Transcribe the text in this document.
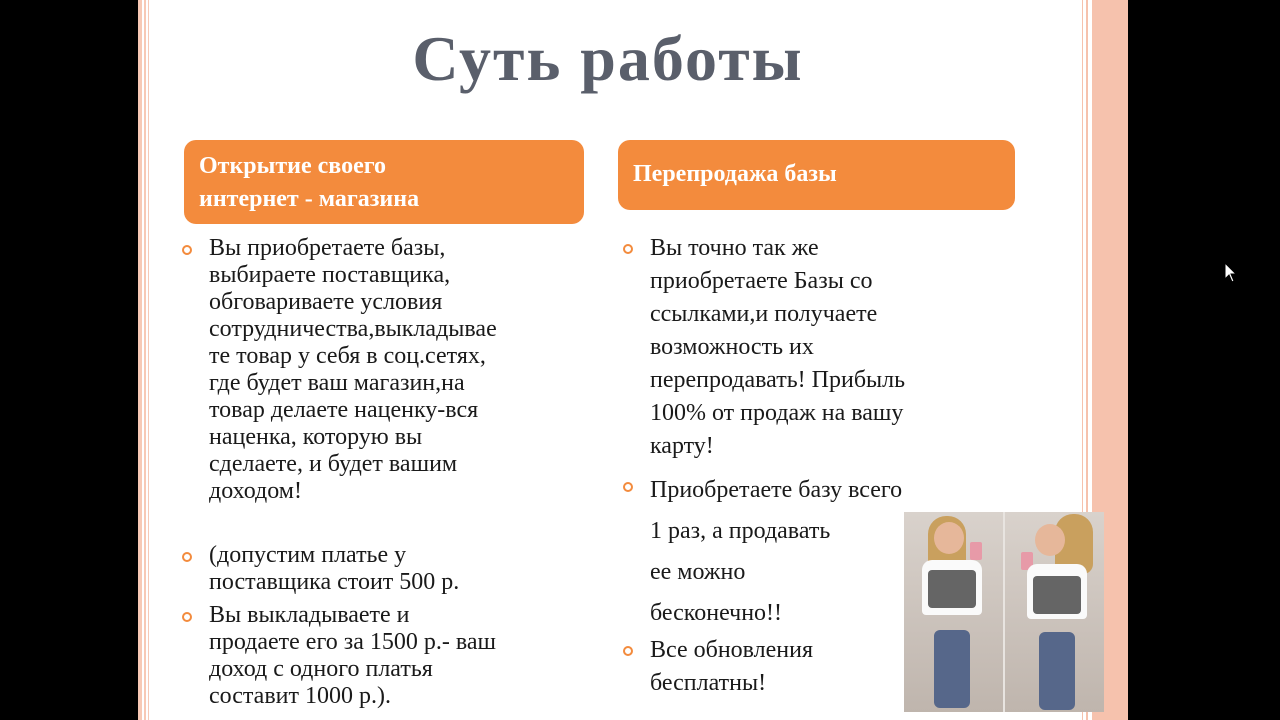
Суть работы
Открытие своего
интернет - магазина
Перепродажа базы
Вы приобретаете базы,
выбираете поставщика,
обговариваете условия
сотрудничества,выкладывае
те товар у себя в соц.сетях,
где будет ваш магазин,на
товар делаете наценку-вся
наценка, которую вы
сделаете, и будет вашим
доходом!
(допустим платье у
поставщика стоит 500 р.
Вы выкладываете и
продаете его за 1500 р.- ваш
доход с одного платья
составит 1000 р.).
Вы точно так же
приобретаете Базы со
ссылками,и получаете
возможность их
перепродавать! Прибыль
100% от продаж на вашу
карту!
Приобретаете базу всего
1 раз, а продавать
ее можно
бесконечно!!
Все обновления
бесплатны!
